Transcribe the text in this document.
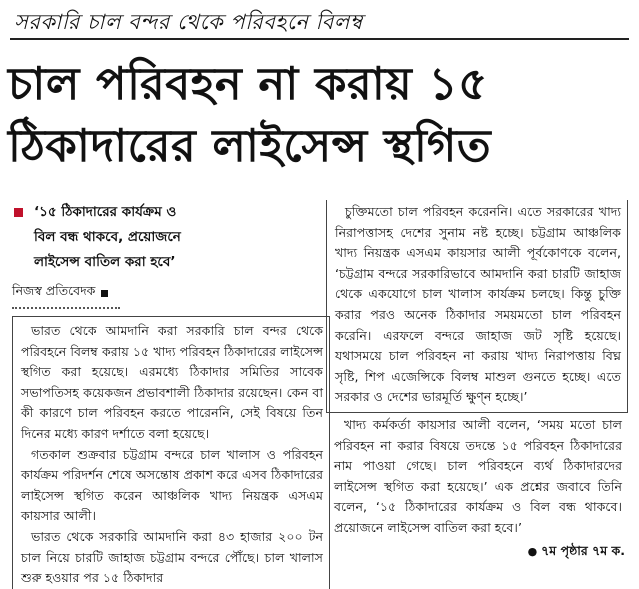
সরকারি চাল বন্দর থেকে পরিবহনে বিলম্ব
চাল পরিবহন না করায় ১৫
ঠিকাদারের লাইসেন্স স্থগিত
‘১৫ ঠিকাদারের কার্যক্রম ও
বিল বন্ধ থাকবে, প্রয়োজনে
লাইসেন্স বাতিল করা হবে’
নিজস্ব প্রতিবেদক

ভারত থেকে আমদানি করা সরকারি চাল বন্দর থেকে পরিবহনে বিলম্ব করায় ১৫ খাদ্য পরিবহন ঠিকাদারের লাইসেন্স স্থগিত করা হয়েছে। এরমধ্যে ঠিকাদার সমিতির সাবেক সভাপতিসহ কয়েকজন প্রভাবশালী ঠিকাদার রয়েছেন। কেন বা কী কারণে চাল পরিবহন করতে পারেননি, সেই বিষয়ে তিন দিনের মধ্যে কারণ দর্শাতে বলা হয়েছে।

গতকাল শুক্রবার চট্টগ্রাম বন্দরে চাল খালাস ও পরিবহন কার্যক্রম পরিদর্শন শেষে অসন্তোষ প্রকাশ করে এসব ঠিকাদারের লাইসেন্স স্থগিত করেন আঞ্চলিক খাদ্য নিয়ন্ত্রক এসএম কায়সার আলী।

ভারত থেকে সরকারি আমদানি করা ৪৩ হাজার ২০০ টন চাল নিয়ে চারটি জাহাজ চট্টগ্রাম বন্দরে পৌঁছে। চাল খালাস শুরু হওয়ার পর ১৫ ঠিকাদার

চুক্তিমতো চাল পরিবহন করেননি। এতে সরকারের খাদ্য নিরাপত্তাসহ দেশের সুনাম নষ্ট হচ্ছে। চট্টগ্রাম আঞ্চলিক খাদ্য নিয়ন্ত্রক এসএম কায়সার আলী পূর্বকোণকে বলেন, ‘চট্টগ্রাম বন্দরে সরকারিভাবে আমদানি করা চারটি জাহাজ থেকে একযোগে চাল খালাস কার্যক্রম চলছে। কিন্তু চুক্তি করার পরও অনেক ঠিকাদার সময়মতো চাল পরিবহন করেনি। এরফলে বন্দরে জাহাজ জট সৃষ্টি হয়েছে। যথাসময়ে চাল পরিবহন না করায় খাদ্য নিরাপত্তায় বিঘ্ন সৃষ্টি, শিপ এজেন্সিকে বিলম্ব মাশুল গুনতে হচ্ছে। এতে সরকার ও দেশের ভারমূর্তি ক্ষুণ্ন হচ্ছে।’

খাদ্য কর্মকর্তা কায়সার আলী বলেন, ‘সময় মতো চাল পরিবহন না করার বিষয়ে তদন্তে ১৫ পরিবহন ঠিকাদারের নাম পাওয়া গেছে। চাল পরিবহনে ব্যর্থ ঠিকাদারদের লাইসেন্স স্থগিত করা হয়েছে।’ এক প্রশ্নের জবাবে তিনি বলেন, ‘১৫ ঠিকাদারের কার্যক্রম ও বিল বন্ধ থাকবে। প্রয়োজনে লাইসেন্স বাতিল করা হবে।’

● ৭ম পৃষ্ঠার ৭ম ক.
